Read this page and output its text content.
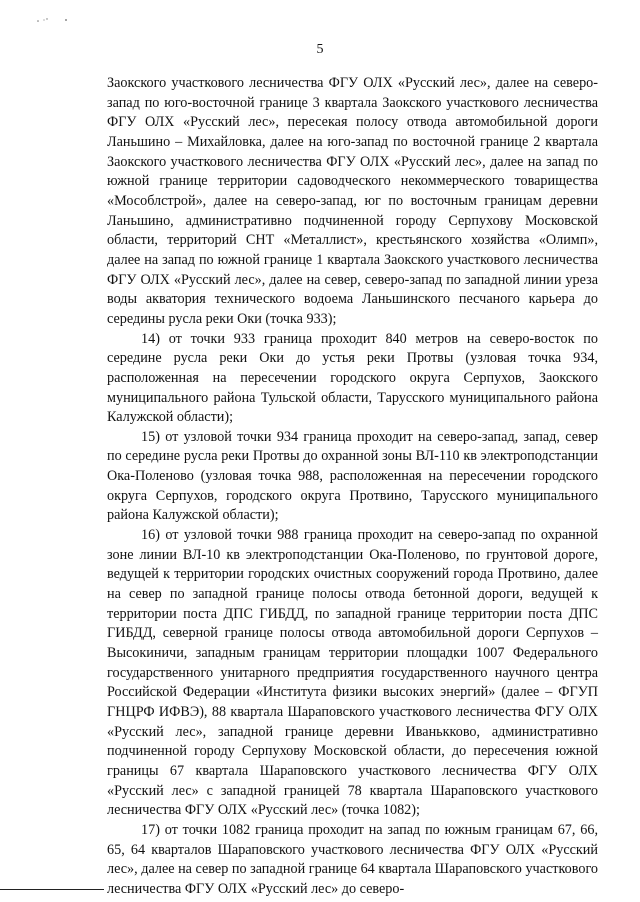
5

Заокского участкового лесничества ФГУ ОЛХ «Русский лес», далее на северо-запад по юго-восточной границе 3 квартала Заокского участкового лесничества ФГУ ОЛХ «Русский лес», пересекая полосу отвода автомобильной дороги Ланьшино – Михайловка, далее на юго-запад по восточной границе 2 квартала Заокского участкового лесничества ФГУ ОЛХ «Русский лес», далее на запад по южной границе территории садоводческого некоммерческого товарищества «Мособлстрой», далее на северо-запад, юг по восточным границам деревни Ланьшино, административно подчиненной городу Серпухову Московской области, территорий СНТ «Металлист», крестьянского хозяйства «Олимп», далее на запад по южной границе 1 квартала Заокского участкового лесничества ФГУ ОЛХ «Русский лес», далее на север, северо-запад по западной линии уреза воды акватория технического водоема Ланьшинского песчаного карьера до середины русла реки Оки (точка 933);

14) от точки 933 граница проходит 840 метров на северо-восток по середине русла реки Оки до устья реки Протвы (узловая точка 934, расположенная на пересечении городского округа Серпухов, Заокского муниципального района Тульской области, Тарусского муниципального района Калужской области);

15) от узловой точки 934 граница проходит на северо-запад, запад, север по середине русла реки Протвы до охранной зоны ВЛ-110 кв электроподстанции Ока-Поленово (узловая точка 988, расположенная на пересечении городского округа Серпухов, городского округа Протвино, Тарусского муниципального района Калужской области);

16) от узловой точки 988 граница проходит на северо-запад по охранной зоне линии ВЛ-10 кв электроподстанции Ока-Поленово, по грунтовой дороге, ведущей к территории городских очистных сооружений города Протвино, далее на север по западной границе полосы отвода бетонной дороги, ведущей к территории поста ДПС ГИБДД, по западной границе территории поста ДПС ГИБДД, северной границе полосы отвода автомобильной дороги Серпухов – Высокиничи, западным границам территории площадки 1007 Федерального государственного унитарного предприятия государственного научного центра Российской Федерации «Института физики высоких энергий» (далее – ФГУП ГНЦРФ ИФВЭ), 88 квартала Шараповского участкового лесничества ФГУ ОЛХ «Русский лес», западной границе деревни Иванькково, административно подчиненной городу Серпухову Московской области, до пересечения южной границы 67 квартала Шараповского участкового лесничества ФГУ ОЛХ «Русский лес» с западной границей 78 квартала Шараповского участкового лесничества ФГУ ОЛХ «Русский лес» (точка 1082);

17) от точки 1082 граница проходит на запад по южным границам 67, 66, 65, 64 кварталов Шараповского участкового лесничества ФГУ ОЛХ «Русский лес», далее на север по западной границе 64 квартала Шараповского участкового лесничества ФГУ ОЛХ «Русский лес» до северо-
